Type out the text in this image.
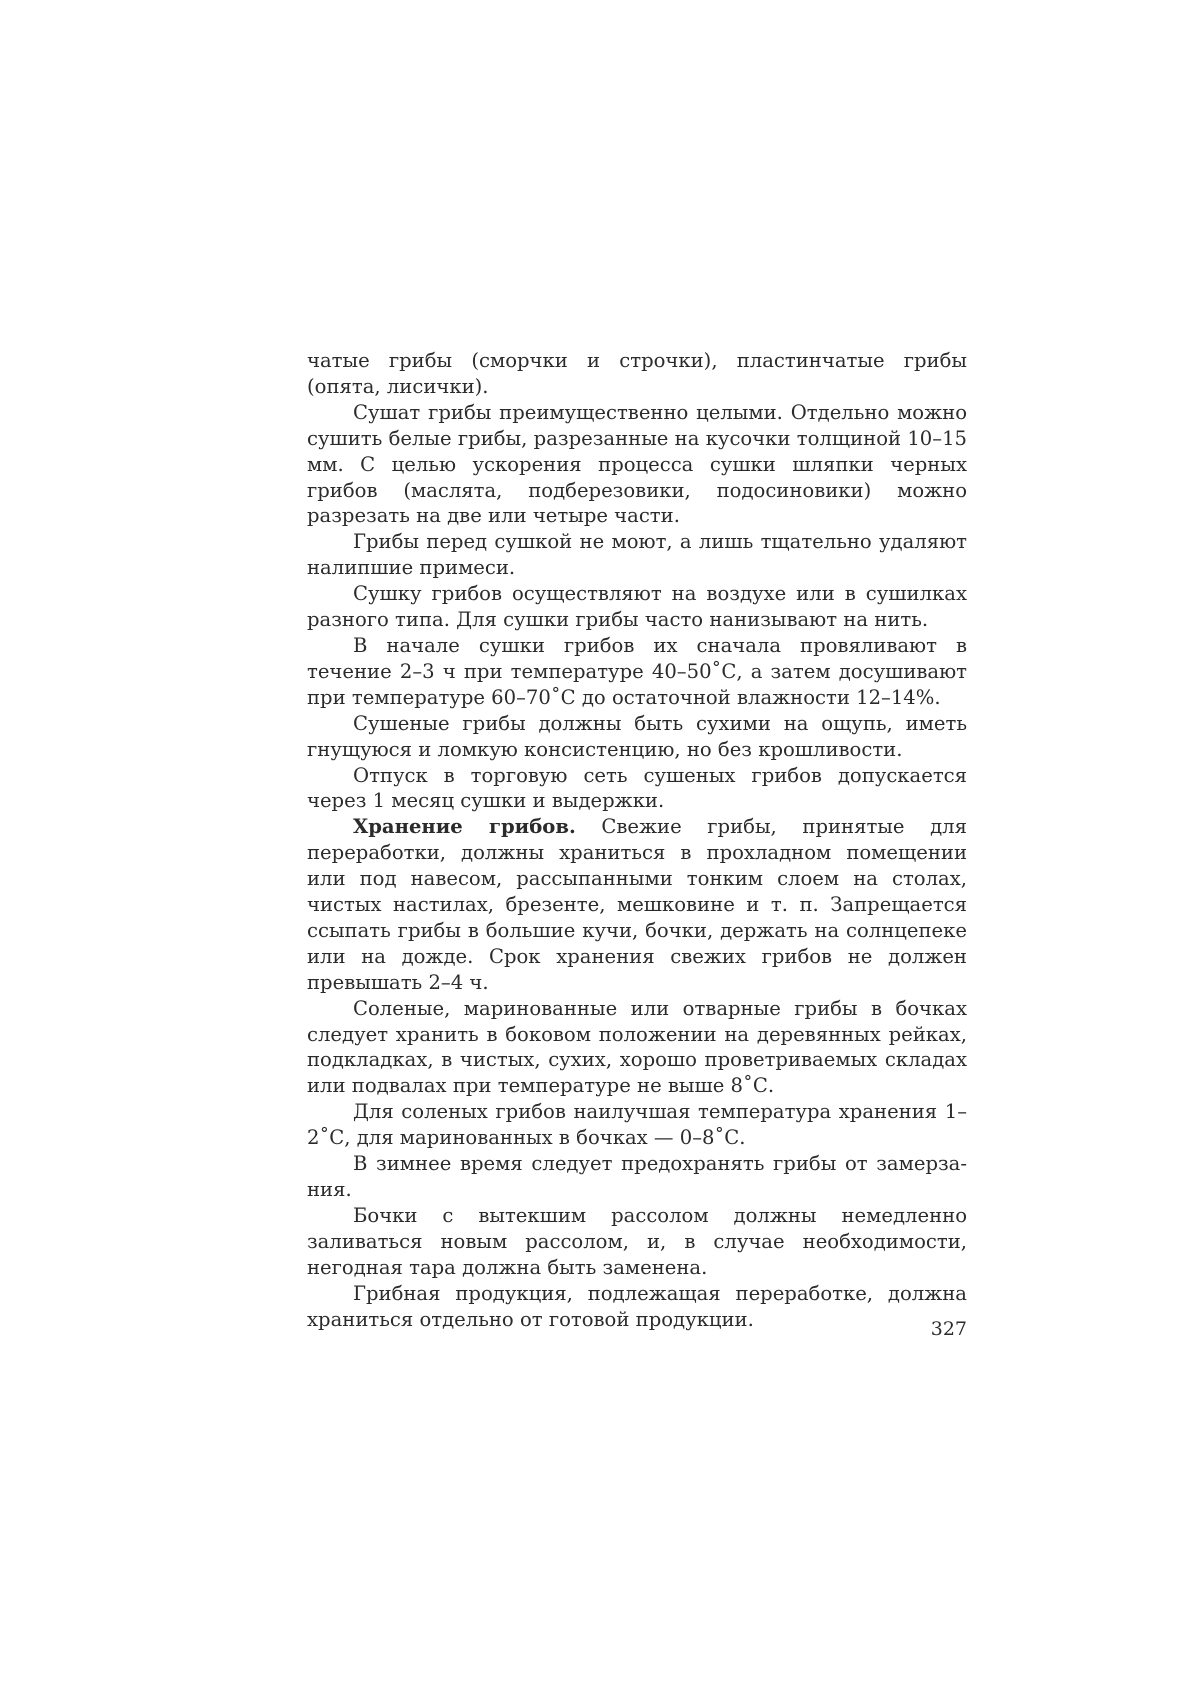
чатые грибы (сморчки и строчки), пластинчатые грибы (опята, лисички).

Сушат грибы преимущественно целыми. Отдельно можно су­шить белые грибы, разрезанные на кусочки толщиной 10–15 мм. С целью ускорения процесса сушки шляпки черных грибов (маслята, подберезовики, подосиновики) можно разрезать на две или четыре части.

Грибы перед сушкой не моют, а лишь тщательно удаляют налипшие примеси.

Сушку грибов осуществляют на воздухе или в сушилках разного типа. Для сушки грибы часто нанизывают на нить.

В начале сушки грибов их сначала провяливают в течение 2–3 ч при температуре 40–50˚С, а затем досушивают при тем­пературе 60–70˚С до остаточной влажности 12–14%.

Сушеные грибы должны быть сухими на ощупь, иметь гну­щуюся и ломкую консистенцию, но без крошливости.

Отпуск в торговую сеть сушеных грибов допускается через 1 месяц сушки и выдержки.

Хранение грибов. Свежие грибы, принятые для переработ­ки, должны храниться в прохладном помещении или под навесом, рассыпанными тонким слоем на столах, чистых настилах, бре­зенте, мешковине и т. п. Запрещается ссыпать грибы в большие кучи, бочки, держать на солнцепеке или на дожде. Срок хранения свежих грибов не должен превышать 2–4 ч.

Соленые, маринованные или отварные грибы в бочках следует хранить в боковом положении на деревянных рейках, подкладках, в чистых, сухих, хорошо проветриваемых складах или подвалах при температуре не выше 8˚С.

Для соленых грибов наилучшая температура хранения 1–2˚С, для маринованных в бочках — 0–8˚С.

В зимнее время следует предохранять грибы от замерза­ния.

Бочки с вытекшим рассолом должны немедленно заливать­ся новым рассолом, и, в случае необходимости, негодная тара должна быть заменена.

Грибная продукция, подлежащая переработке, должна храниться отдельно от готовой продукции.	327
